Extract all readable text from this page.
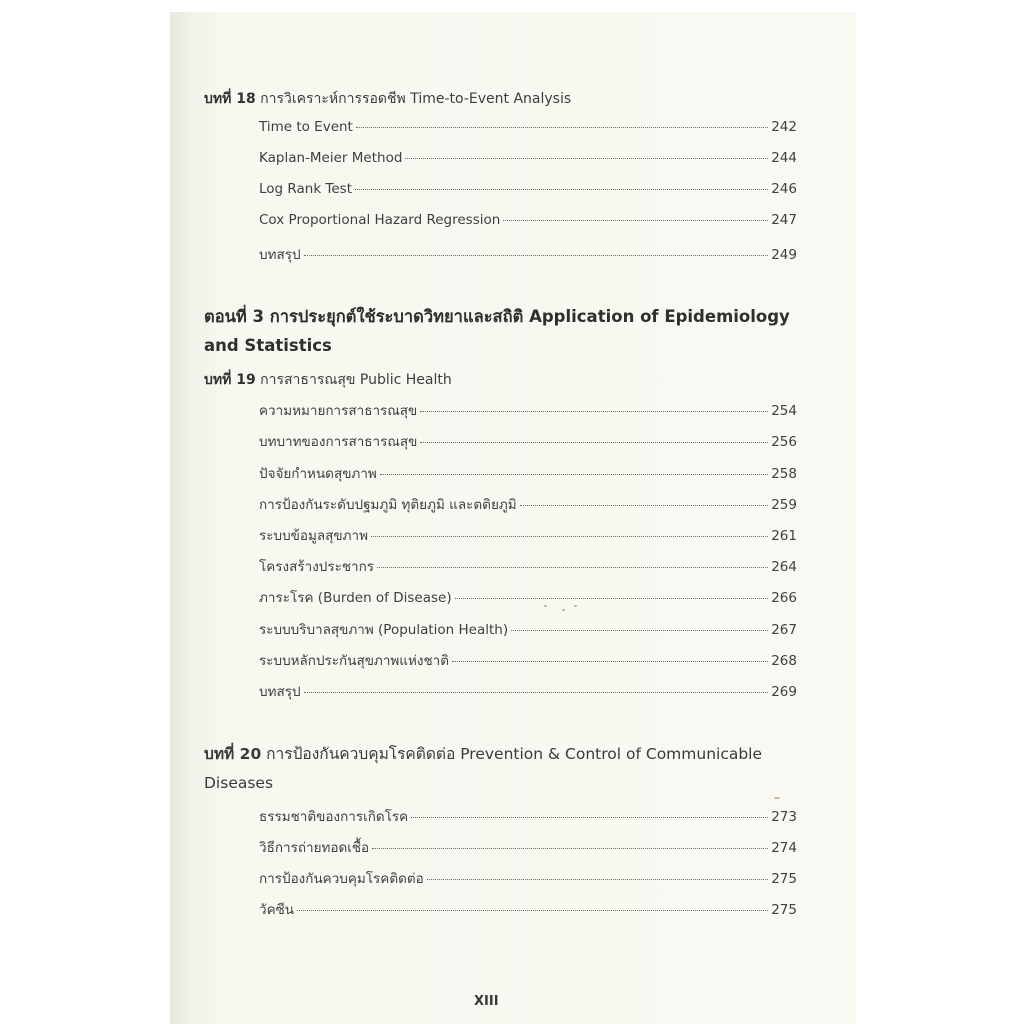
บทที่ 18 การวิเคราะห์การรอดชีพ Time-to-Event Analysis
Time to Event	242
Kaplan-Meier Method	244
Log Rank Test	246
Cox Proportional Hazard Regression	247
บทสรุป	249
ตอนที่ 3 การประยุกต์ใช้ระบาดวิทยาและสถิติ Application of Epidemiology
and Statistics
บทที่ 19 การสาธารณสุข Public Health
ความหมายการสาธารณสุข	254
บทบาทของการสาธารณสุข	256
ปัจจัยกำหนดสุขภาพ	258
การป้องกันระดับปฐมภูมิ ทุติยภูมิ และตติยภูมิ	259
ระบบข้อมูลสุขภาพ	261
โครงสร้างประชากร	264
ภาระโรค (Burden of Disease)	266
ระบบบริบาลสุขภาพ (Population Health)	267
ระบบหลักประกันสุขภาพแห่งชาติ	268
บทสรุป	269
บทที่ 20 การป้องกันควบคุมโรคติดต่อ Prevention & Control of Communicable
Diseases
ธรรมชาติของการเกิดโรค	273
วิธีการถ่ายทอดเชื้อ	274
การป้องกันควบคุมโรคติดต่อ	275
วัคซีน	275
XIII
